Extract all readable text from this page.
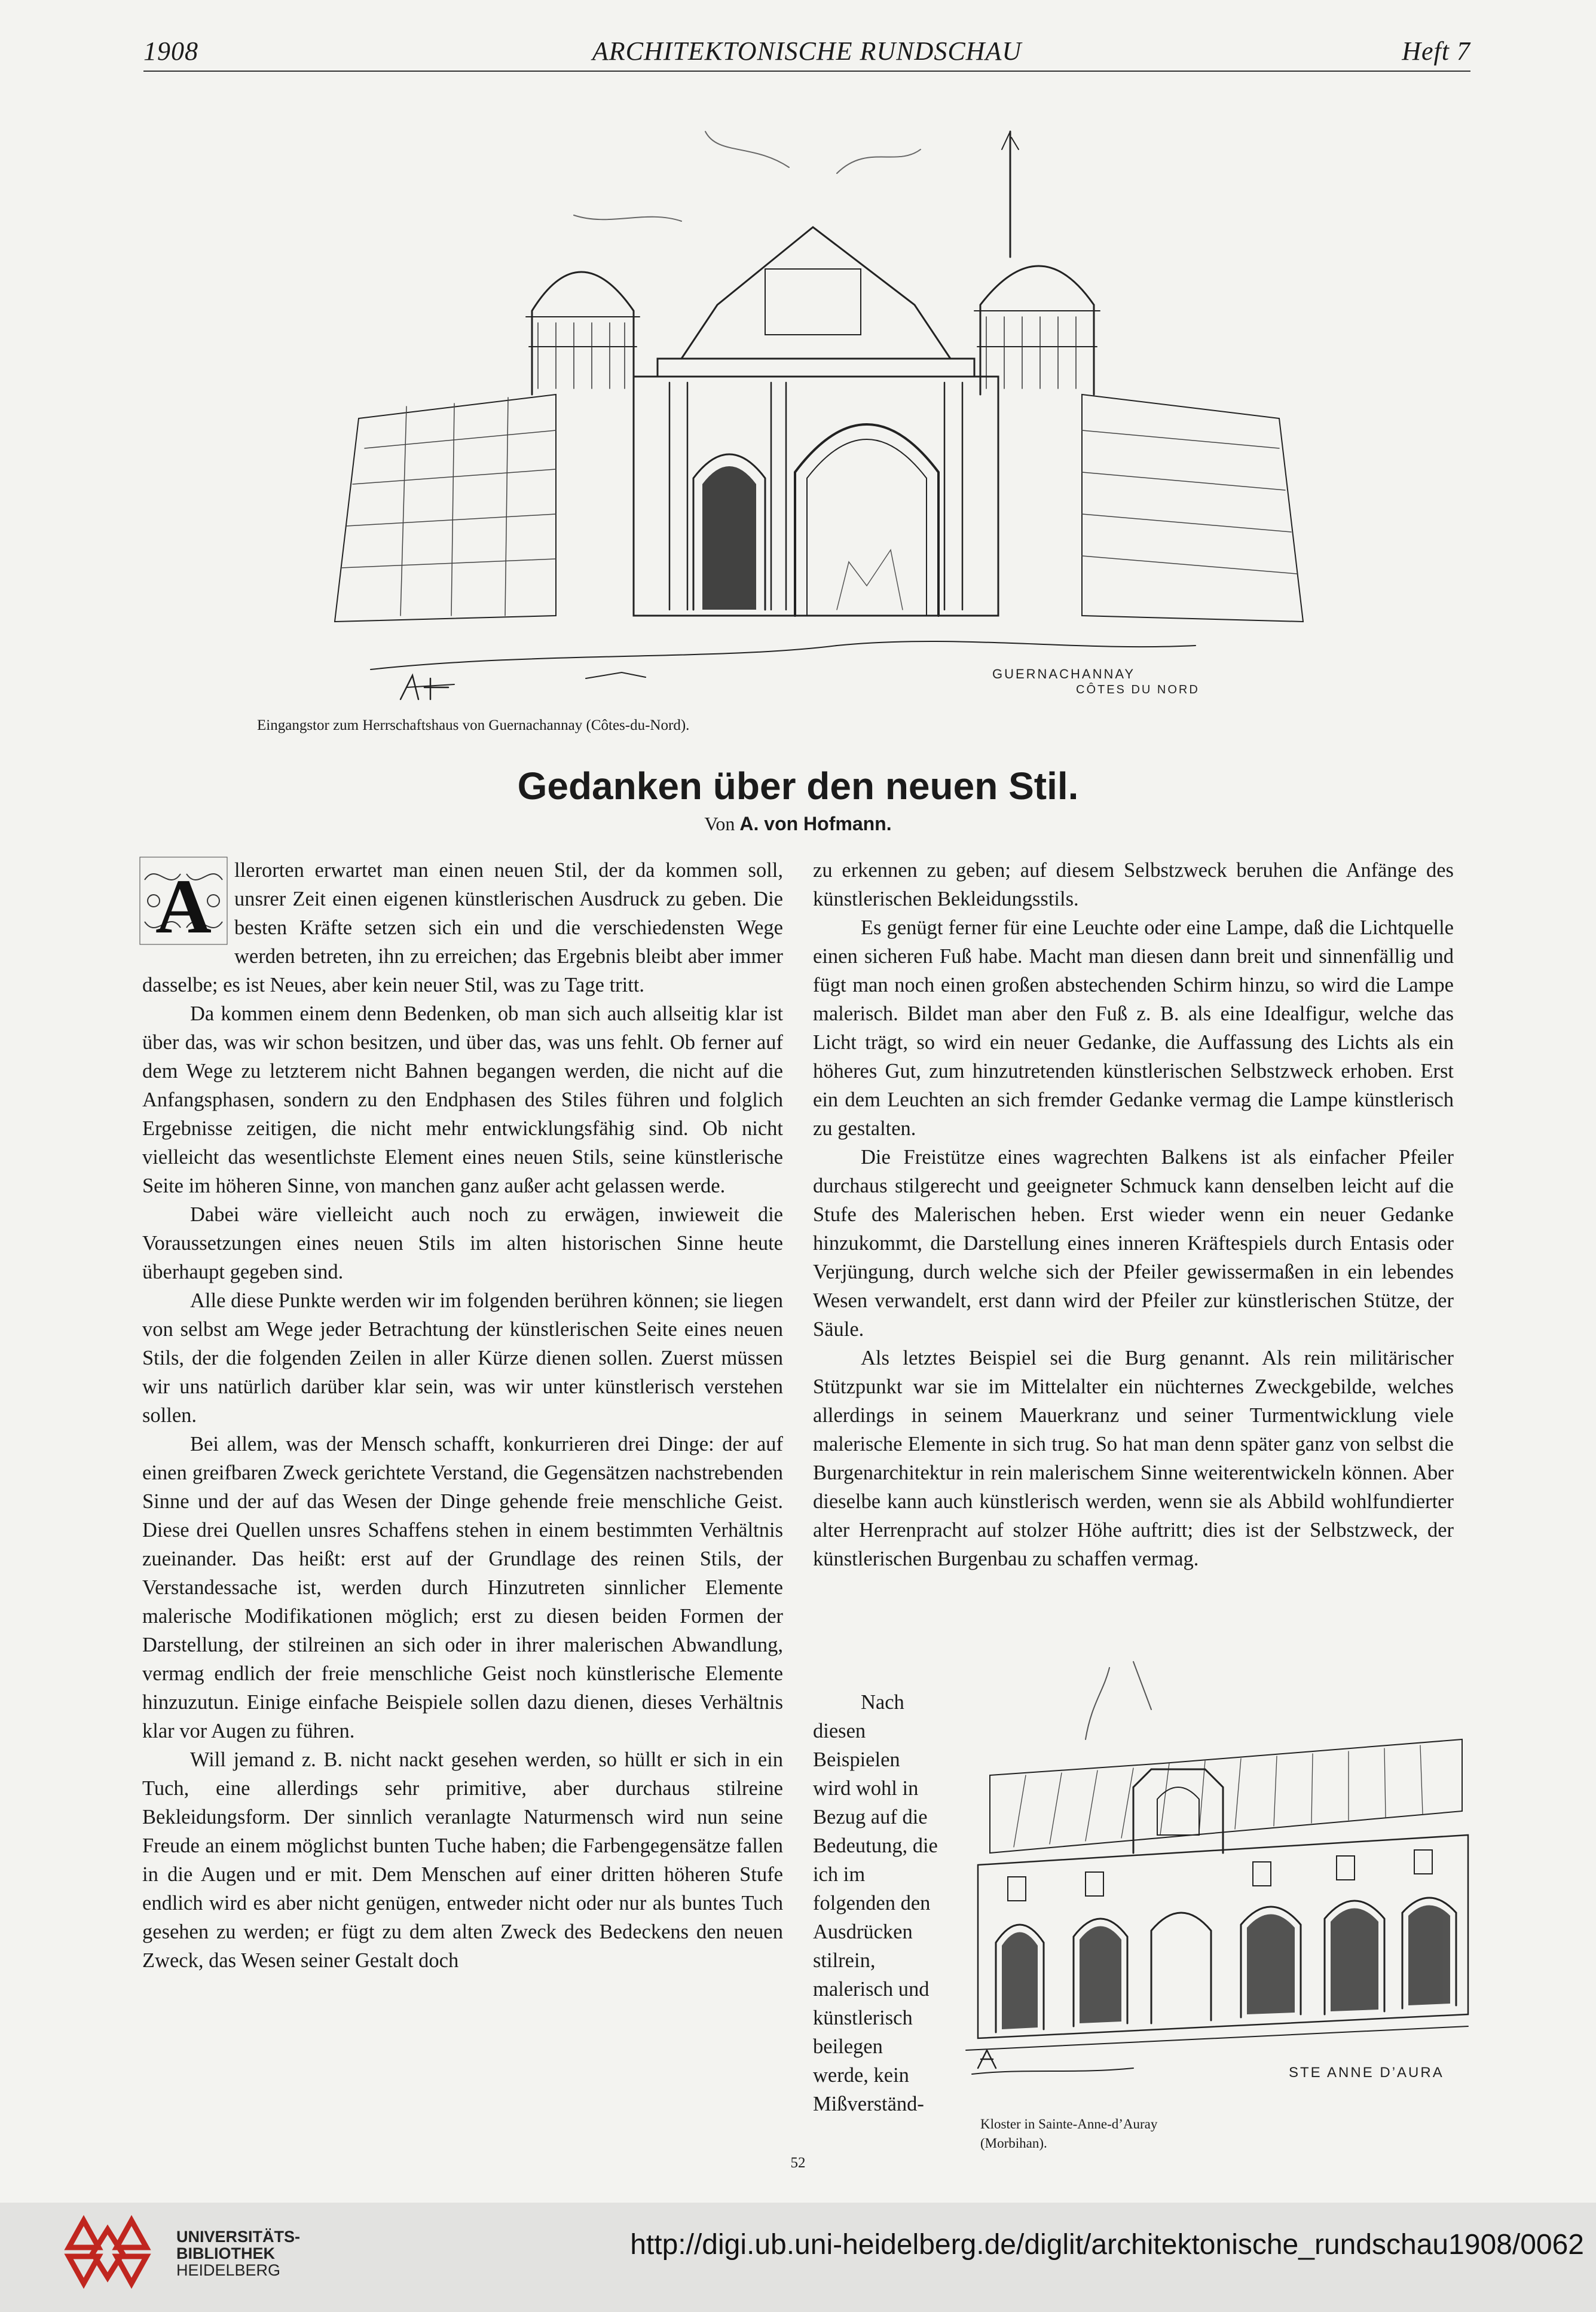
1908	ARCHITEKTONISCHE RUNDSCHAU	Heft 7
GUERNACHANNAY
CÔTES DU NORD
Eingangstor zum Herrschaftshaus von Guernachannay (Côtes-du-Nord).
Gedanken über den neuen Stil.
Von A. von Hofmann.
A	llerorten erwartet man einen neuen Stil, der da kommen soll, unsrer Zeit einen eigenen künstlerischen Ausdruck zu geben. Die besten Kräfte setzen sich ein und die verschiedensten Wege werden betreten, ihn zu erreichen; das Ergebnis bleibt aber immer dasselbe; es ist Neues, aber kein neuer Stil, was zu Tage tritt.

Da kommen einem denn Bedenken, ob man sich auch allseitig klar ist über das, was wir schon besitzen, und über das, was uns fehlt. Ob ferner auf dem Wege zu letzterem nicht Bahnen begangen werden, die nicht auf die Anfangsphasen, sondern zu den Endphasen des Stiles führen und folglich Ergebnisse zeitigen, die nicht mehr entwicklungsfähig sind. Ob nicht vielleicht das wesentlichste Element eines neuen Stils, seine künstlerische Seite im höheren Sinne, von manchen ganz außer acht gelassen werde.

Dabei wäre vielleicht auch noch zu erwägen, inwieweit die Voraussetzungen eines neuen Stils im alten historischen Sinne heute überhaupt gegeben sind.

Alle diese Punkte werden wir im folgenden berühren können; sie liegen von selbst am Wege jeder Betrachtung der künstlerischen Seite eines neuen Stils, der die folgenden Zeilen in aller Kürze dienen sollen. Zuerst müssen wir uns natürlich darüber klar sein, was wir unter künstlerisch verstehen sollen.

Bei allem, was der Mensch schafft, konkurrieren drei Dinge: der auf einen greifbaren Zweck gerichtete Verstand, die Gegensätzen nachstrebenden Sinne und der auf das Wesen der Dinge gehende freie menschliche Geist. Diese drei Quellen unsres Schaffens stehen in einem bestimmten Verhältnis zueinander. Das heißt: erst auf der Grundlage des reinen Stils, der Verstandessache ist, werden durch Hinzutreten sinnlicher Elemente malerische Modifikationen möglich; erst zu diesen beiden Formen der Darstellung, der stilreinen an sich oder in ihrer malerischen Abwandlung, vermag endlich der freie menschliche Geist noch künstlerische Elemente hinzuzutun. Einige einfache Beispiele sollen dazu dienen, dieses Verhältnis klar vor Augen zu führen.

Will jemand z. B. nicht nackt gesehen werden, so hüllt er sich in ein Tuch, eine allerdings sehr primitive, aber durchaus stilreine Bekleidungsform. Der sinnlich veranlagte Naturmensch wird nun seine Freude an einem möglichst bunten Tuche haben; die Farbengegensätze fallen in die Augen und er mit. Dem Menschen auf einer dritten höheren Stufe endlich wird es aber nicht genügen, entweder nicht oder nur als buntes Tuch gesehen zu werden; er fügt zu dem alten Zweck des Bedeckens den neuen Zweck, das Wesen seiner Gestalt doch

zu erkennen zu geben; auf diesem Selbstzweck beruhen die Anfänge des künstlerischen Bekleidungsstils.

Es genügt ferner für eine Leuchte oder eine Lampe, daß die Lichtquelle einen sicheren Fuß habe. Macht man diesen dann breit und sinnenfällig und fügt man noch einen großen abstechenden Schirm hinzu, so wird die Lampe malerisch. Bildet man aber den Fuß z. B. als eine Idealfigur, welche das Licht trägt, so wird ein neuer Gedanke, die Auffassung des Lichts als ein höheres Gut, zum hinzutretenden künstlerischen Selbstzweck erhoben. Erst ein dem Leuchten an sich fremder Gedanke vermag die Lampe künstlerisch zu gestalten.

Die Freistütze eines wagrechten Balkens ist als einfacher Pfeiler durchaus stilgerecht und geeigneter Schmuck kann denselben leicht auf die Stufe des Malerischen heben. Erst wieder wenn ein neuer Gedanke hinzukommt, die Darstellung eines inneren Kräftespiels durch Entasis oder Verjüngung, durch welche sich der Pfeiler gewissermaßen in ein lebendes Wesen verwandelt, erst dann wird der Pfeiler zur künstlerischen Stütze, der Säule.

Als letztes Beispiel sei die Burg genannt. Als rein militärischer Stützpunkt war sie im Mittelalter ein nüchternes Zweckgebilde, welches allerdings in seinem Mauerkranz und seiner Turmentwicklung viele malerische Elemente in sich trug. So hat man denn später ganz von selbst die Burgenarchitektur in rein malerischem Sinne weiterentwickeln können. Aber dieselbe kann auch künstlerisch werden, wenn sie als Abbild wohlfundierter alter Herrenpracht auf stolzer Höhe auftritt; dies ist der Selbstzweck, der künstlerischen Burgenbau zu schaffen vermag.

Nach diesen Beispielen wird wohl in Bezug auf die Bedeutung, die ich im folgenden den Ausdrücken stilrein, malerisch und künstlerisch beilegen werde, kein Mißverständ-

STE ANNE D’AURA
Kloster in Sainte-Anne-d’Auray
(Morbihan).
52
UNIVERSITÄTS-
BIBLIOTHEK
HEIDELBERG
http://digi.ub.uni-heidelberg.de/diglit/architektonische_rundschau1908/0062
